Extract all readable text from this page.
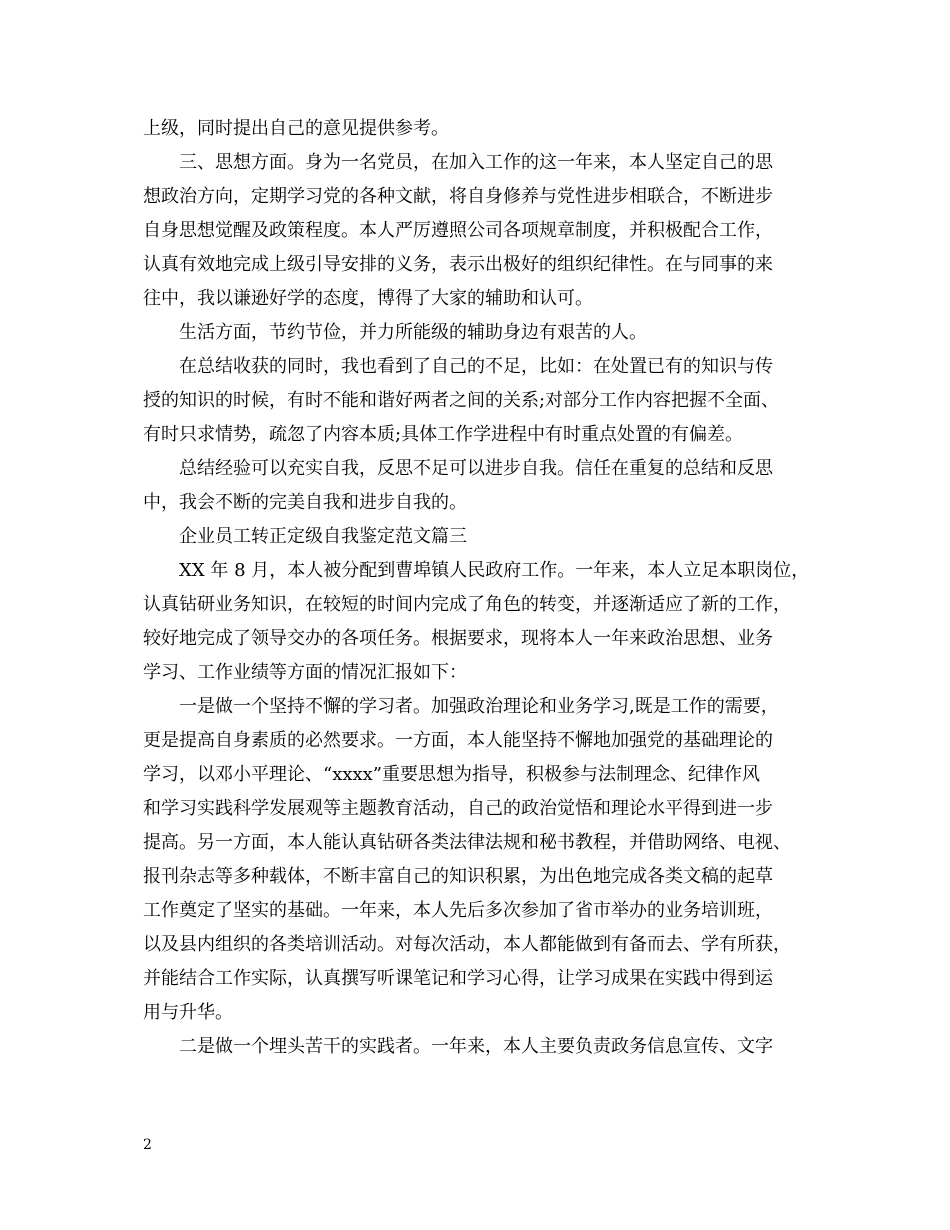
上级，同时提出自己的意见提供参考。
三、思想方面。身为一名党员，在加入工作的这一年来，本人坚定自己的思
想政治方向，定期学习党的各种文献，将自身修养与党性进步相联合，不断进步
自身思想觉醒及政策程度。本人严厉遵照公司各项规章制度，并积极配合工作，
认真有效地完成上级引导安排的义务，表示出极好的组织纪律性。在与同事的来
往中，我以谦逊好学的态度，博得了大家的辅助和认可。
生活方面，节约节俭，并力所能级的辅助身边有艰苦的人。
在总结收获的同时，我也看到了自己的不足，比如：在处置已有的知识与传
授的知识的时候，有时不能和谐好两者之间的关系;对部分工作内容把握不全面、
有时只求情势，疏忽了内容本质;具体工作学进程中有时重点处置的有偏差。
总结经验可以充实自我，反思不足可以进步自我。信任在重复的总结和反思
中，我会不断的完美自我和进步自我的。
企业员工转正定级自我鉴定范文篇三
XX 年 8 月，本人被分配到曹埠镇人民政府工作。一年来，本人立足本职岗位，
认真钻研业务知识，在较短的时间内完成了角色的转变，并逐渐适应了新的工作，
较好地完成了领导交办的各项任务。根据要求，现将本人一年来政治思想、业务
学习、工作业绩等方面的情况汇报如下：
一是做一个坚持不懈的学习者。加强政治理论和业务学习,既是工作的需要，
更是提高自身素质的必然要求。一方面，本人能坚持不懈地加强党的基础理论的
学习，以邓小平理论、“xxxx”重要思想为指导，积极参与法制理念、纪律作风
和学习实践科学发展观等主题教育活动，自己的政治觉悟和理论水平得到进一步
提高。另一方面，本人能认真钻研各类法律法规和秘书教程，并借助网络、电视、
报刊杂志等多种载体，不断丰富自己的知识积累，为出色地完成各类文稿的起草
工作奠定了坚实的基础。一年来，本人先后多次参加了省市举办的业务培训班，
以及县内组织的各类培训活动。对每次活动，本人都能做到有备而去、学有所获，
并能结合工作实际，认真撰写听课笔记和学习心得，让学习成果在实践中得到运
用与升华。
二是做一个埋头苦干的实践者。一年来，本人主要负责政务信息宣传、文字
2
